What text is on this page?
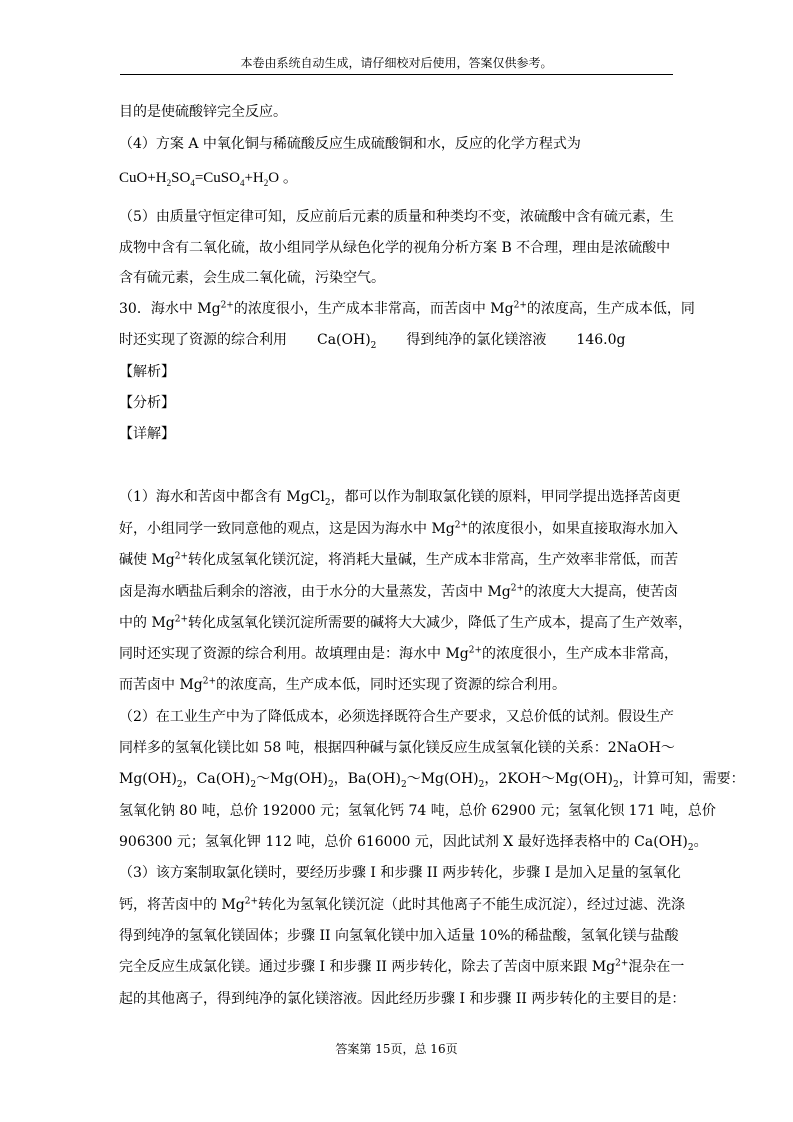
本卷由系统自动生成，请仔细校对后使用，答案仅供参考。
目的是使硫酸锌完全反应。
（4）方案 A 中氧化铜与稀硫酸反应生成硫酸铜和水，反应的化学方程式为
$CuO+H_2SO_4=CuSO_4+H_2O$ 。
（5）由质量守恒定律可知，反应前后元素的质量和种类均不变，浓硫酸中含有硫元素，生
成物中含有二氧化硫，故小组同学从绿色化学的视角分析方案 B 不合理，理由是浓硫酸中
含有硫元素，会生成二氧化硫，污染空气。
30．海水中 $Mg^{2+}$的浓度很小，生产成本非常高，而苦卤中 $Mg^{2+}$的浓度高，生产成本低，同
时还实现了资源的综合利用 $Ca(OH)_2$ 得到纯净的氯化镁溶液 146.0g
【解析】
【分析】
【详解】
（1）海水和苦卤中都含有 MgCl$_2$，都可以作为制取氯化镁的原料，甲同学提出选择苦卤更
好，小组同学一致同意他的观点，这是因为海水中 $Mg^{2+}$的浓度很小，如果直接取海水加入
碱使 $Mg^{2+}$转化成氢氧化镁沉淀，将消耗大量碱，生产成本非常高，生产效率非常低，而苦
卤是海水晒盐后剩余的溶液，由于水分的大量蒸发，苦卤中 $Mg^{2+}$的浓度大大提高，使苦卤
中的 $Mg^{2+}$转化成氢氧化镁沉淀所需要的碱将大大减少，降低了生产成本，提高了生产效率，
同时还实现了资源的综合利用。故填理由是：海水中 $Mg^{2+}$的浓度很小，生产成本非常高，
而苦卤中 $Mg^{2+}$的浓度高，生产成本低，同时还实现了资源的综合利用。
（2）在工业生产中为了降低成本，必须选择既符合生产要求，又总价低的试剂。假设生产
同样多的氢氧化镁比如 58 吨，根据四种碱与氯化镁反应生成氢氧化镁的关系：2NaOH～
$Mg(OH)_2$，$Ca(OH)_2\sim Mg(OH)_2$，$Ba(OH)_2\sim Mg(OH)_2$，$2KOH\sim Mg(OH)_2$，计算可知，需要：
氢氧化钠 80 吨，总价 192000 元；氢氧化钙 74 吨，总价 62900 元；氢氧化钡 171 吨，总价
906300 元；氢氧化钾 112 吨，总价 616000 元，因此试剂 X 最好选择表格中的 $Ca(OH)_2$。
（3）该方案制取氯化镁时，要经历步骤 I 和步骤 II 两步转化，步骤 I 是加入足量的氢氧化
钙，将苦卤中的 $Mg^{2+}$转化为氢氧化镁沉淀（此时其他离子不能生成沉淀），经过过滤、洗涤
得到纯净的氢氧化镁固体；步骤 II 向氢氧化镁中加入适量 10%的稀盐酸，氢氧化镁与盐酸
完全反应生成氯化镁。通过步骤 I 和步骤 II 两步转化，除去了苦卤中原来跟 $Mg^{2+}$混杂在一
起的其他离子，得到纯净的氯化镁溶液。因此经历步骤 I 和步骤 II 两步转化的主要目的是：
答案第 15页，总 16页
